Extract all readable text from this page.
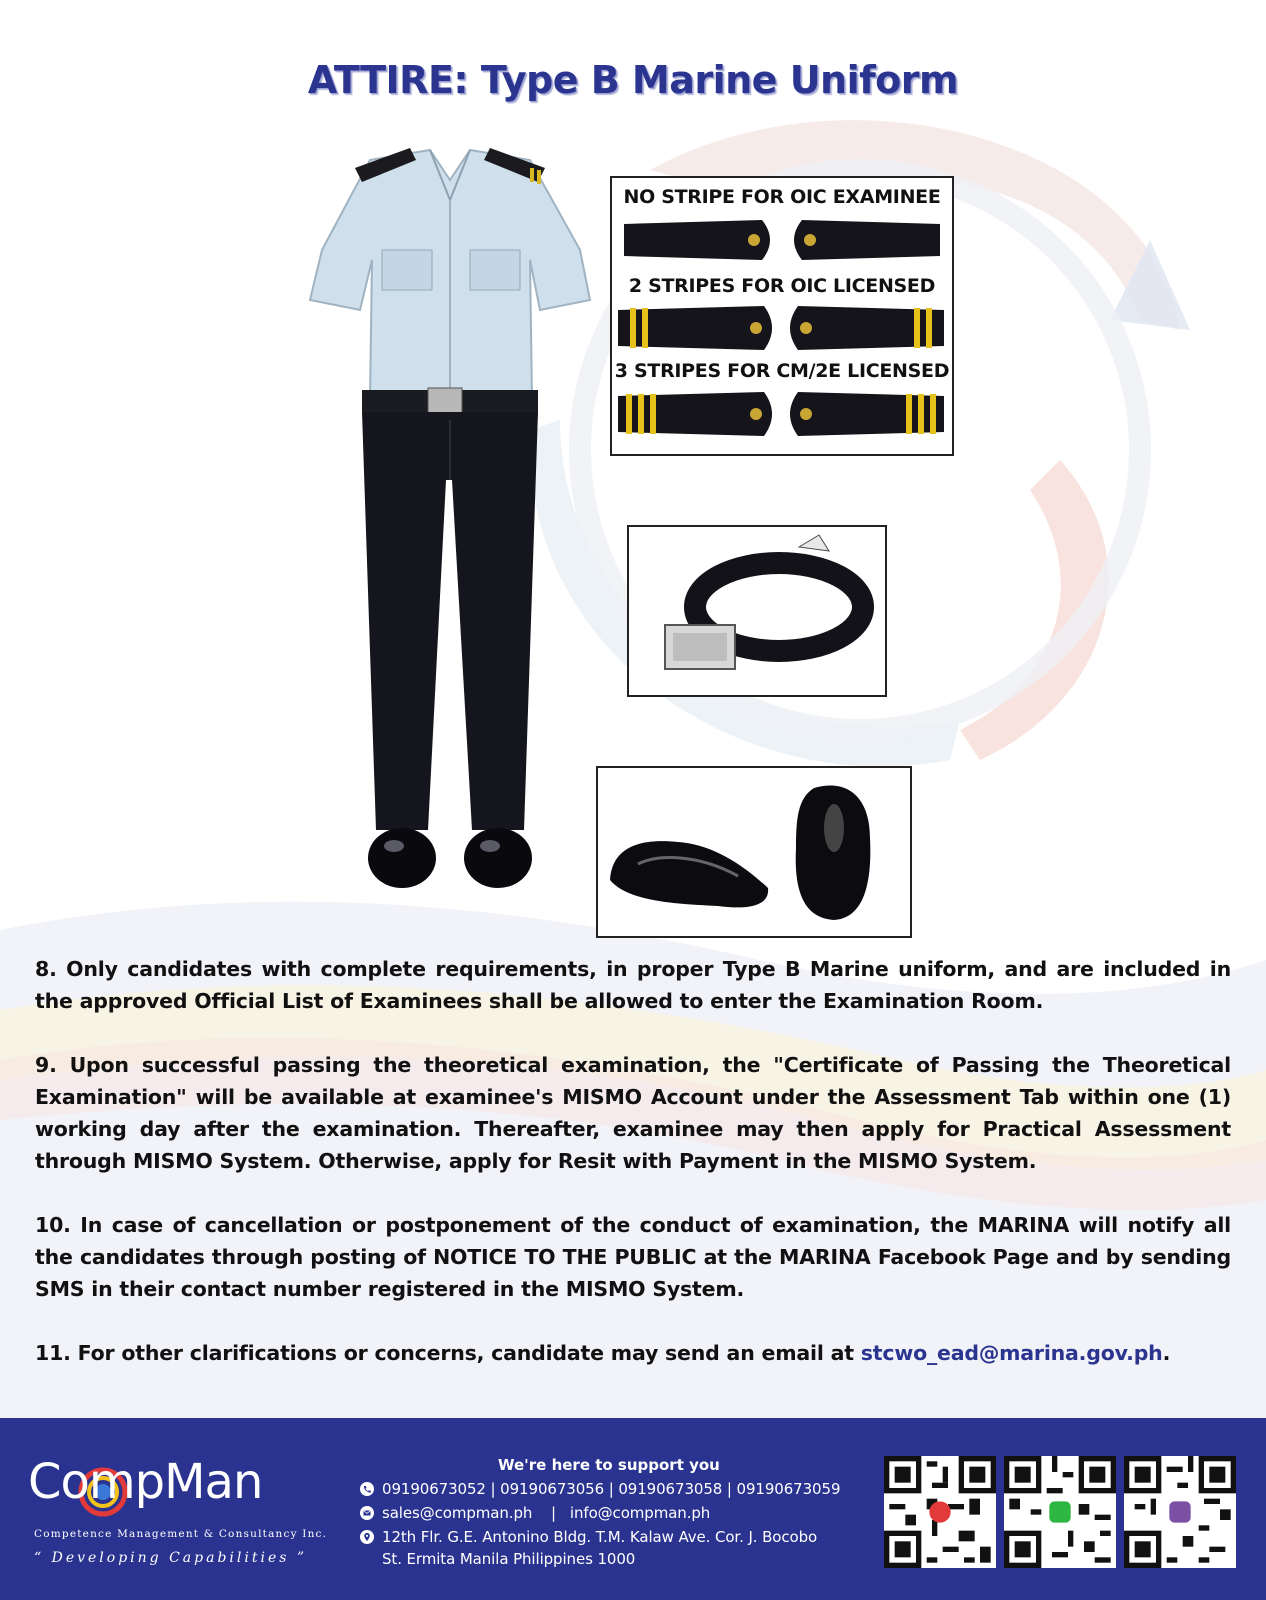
ATTIRE: Type B Marine Uniform
NO STRIPE FOR OIC EXAMINEE
2 STRIPES FOR OIC LICENSED
3 STRIPES FOR CM/2E LICENSED

8. Only candidates with complete requirements, in proper Type B Marine uniform, and are included in the approved Official List of Examinees shall be allowed to enter the Examination Room.

9. Upon successful passing the theoretical examination, the "Certificate of Passing the Theoretical Examination" will be available at examinee's MISMO Account under the Assessment Tab within one (1) working day after the examination. Thereafter, examinee may then apply for Practical Assessment through MISMO System. Otherwise, apply for Resit with Payment in the MISMO System.

10. In case of cancellation or postponement of the conduct of examination, the MARINA will notify all the candidates through posting of NOTICE TO THE PUBLIC at the MARINA Facebook Page and by sending SMS in their contact number registered in the MISMO System.

11. For other clarifications or concerns, candidate may send an email at stcwo_ead@marina.gov.ph.

CompMan
Competence Management & Consultancy Inc.
“ Developing Capabilities ”
We're here to support you
09190673052 | 09190673056 | 09190673058 | 09190673059
sales@compman.ph    |   info@compman.ph
12th Flr. G.E. Antonino Bldg. T.M. Kalaw Ave. Cor. J. Bocobo
St. Ermita Manila Philippines 1000
